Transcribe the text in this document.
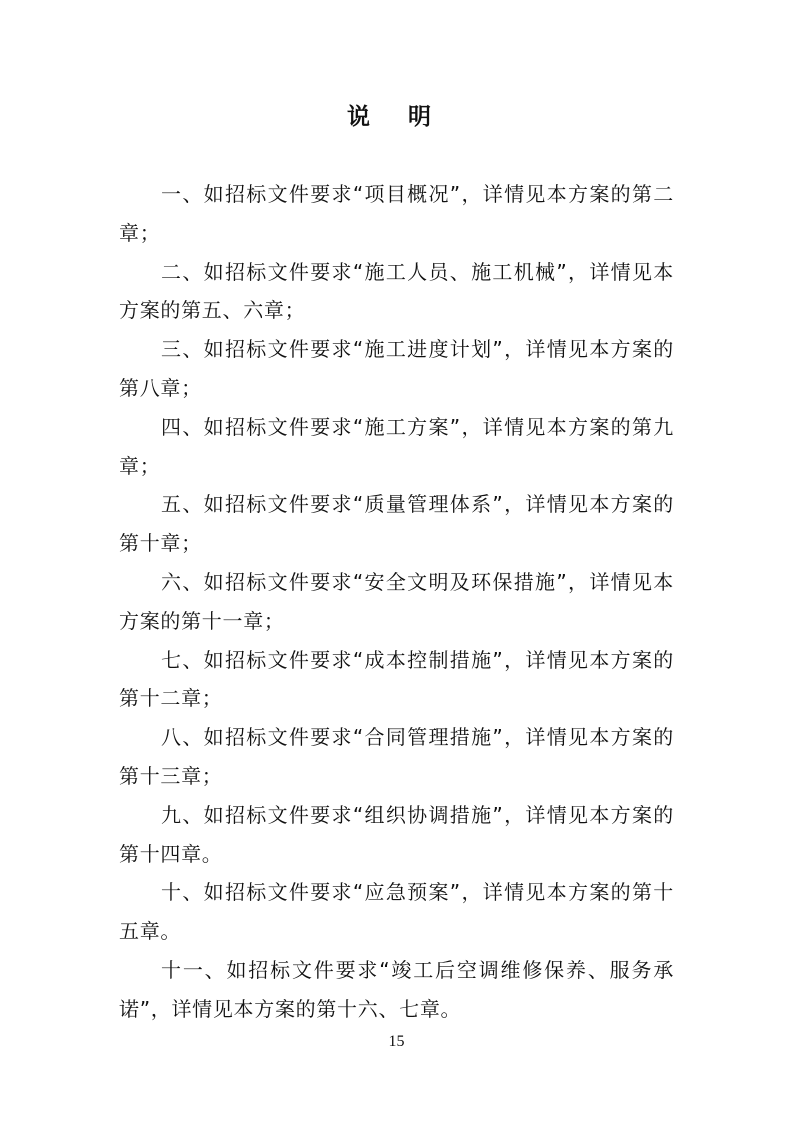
说 明

一、如招标文件要求“项目概况”，详情见本方案的第二章；

二、如招标文件要求“施工人员、施工机械”，详情见本方案的第五、六章；

三、如招标文件要求“施工进度计划”，详情见本方案的第八章；

四、如招标文件要求“施工方案”，详情见本方案的第九章；

五、如招标文件要求“质量管理体系”，详情见本方案的第十章；

六、如招标文件要求“安全文明及环保措施”，详情见本方案的第十一章；

七、如招标文件要求“成本控制措施”，详情见本方案的第十二章；

八、如招标文件要求“合同管理措施”，详情见本方案的第十三章；

九、如招标文件要求“组织协调措施”，详情见本方案的第十四章。

十、如招标文件要求“应急预案”，详情见本方案的第十五章。

十一、如招标文件要求“竣工后空调维修保养、服务承诺”，详情见本方案的第十六、七章。

15
